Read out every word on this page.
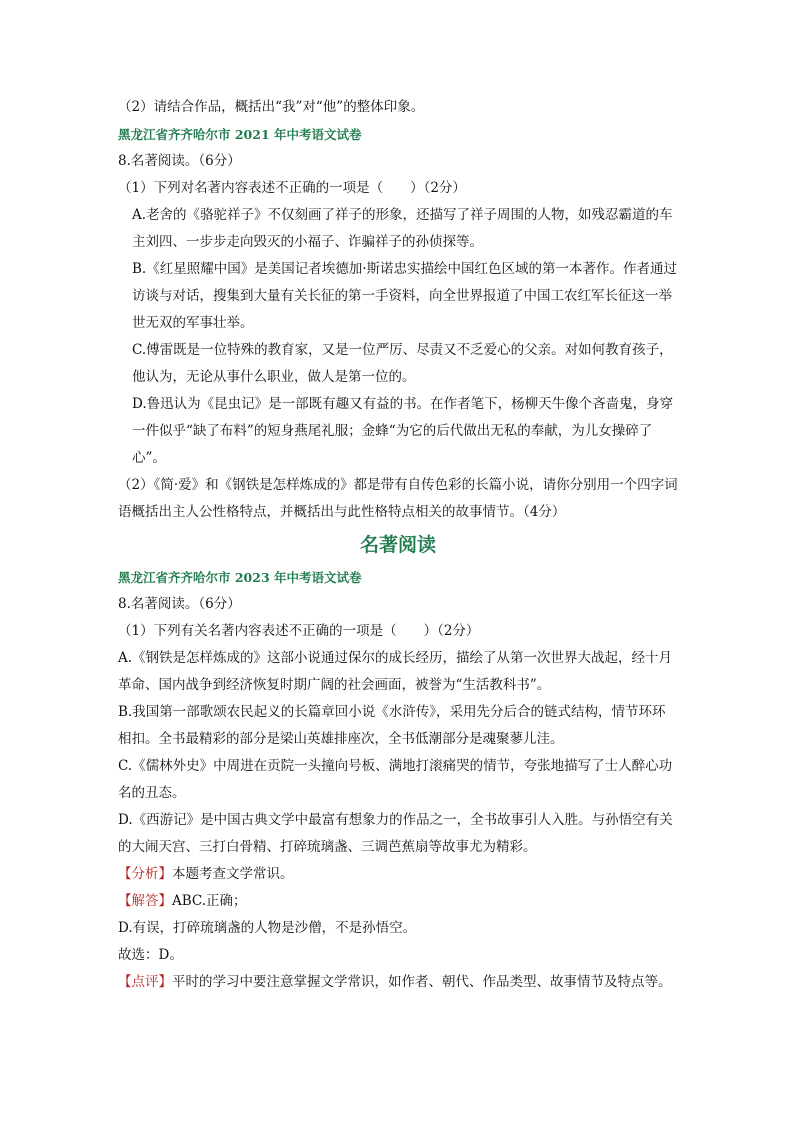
（2）请结合作品，概括出“我”对“他”的整体印象。

黑龙江省齐齐哈尔市 2021 年中考语文试卷

8.名著阅读。（6分）

（1）下列对名著内容表述不正确的一项是（　　）（2分）

A.老舍的《骆驼祥子》不仅刻画了祥子的形象，还描写了祥子周围的人物，如残忍霸道的车主刘四、一步步走向毁灭的小福子、诈骗祥子的孙侦探等。

B.《红星照耀中国》是美国记者埃德加·斯诺忠实描绘中国红色区域的第一本著作。作者通过访谈与对话，搜集到大量有关长征的第一手资料，向全世界报道了中国工农红军长征这一举世无双的军事壮举。

C.傅雷既是一位特殊的教育家，又是一位严厉、尽责又不乏爱心的父亲。对如何教育孩子，他认为，无论从事什么职业，做人是第一位的。

D.鲁迅认为《昆虫记》是一部既有趣又有益的书。在作者笔下，杨柳天牛像个吝啬鬼，身穿一件似乎“缺了布料”的短身燕尾礼服；金蜂“为它的后代做出无私的奉献，为儿女操碎了心”。

（2）《简·爱》和《钢铁是怎样炼成的》都是带有自传色彩的长篇小说，请你分别用一个四字词语概括出主人公性格特点，并概括出与此性格特点相关的故事情节。（4分）

名著阅读

黑龙江省齐齐哈尔市 2023 年中考语文试卷

8.名著阅读。（6分）

（1）下列有关名著内容表述不正确的一项是（　　）（2分）

A.《钢铁是怎样炼成的》这部小说通过保尔的成长经历，描绘了从第一次世界大战起，经十月革命、国内战争到经济恢复时期广阔的社会画面，被誉为“生活教科书”。

B.我国第一部歌颂农民起义的长篇章回小说《水浒传》，采用先分后合的链式结构，情节环环相扣。全书最精彩的部分是梁山英雄排座次，全书低潮部分是魂聚蓼儿洼。

C.《儒林外史》中周进在贡院一头撞向号板、满地打滚痛哭的情节，夸张地描写了士人醉心功名的丑态。

D.《西游记》是中国古典文学中最富有想象力的作品之一，全书故事引人入胜。与孙悟空有关的大闹天宫、三打白骨精、打碎琉璃盏、三调芭蕉扇等故事尤为精彩。

【分析】本题考查文学常识。

【解答】ABC.正确；

D.有误，打碎琉璃盏的人物是沙僧，不是孙悟空。

故选：D。

【点评】平时的学习中要注意掌握文学常识，如作者、朝代、作品类型、故事情节及特点等。
